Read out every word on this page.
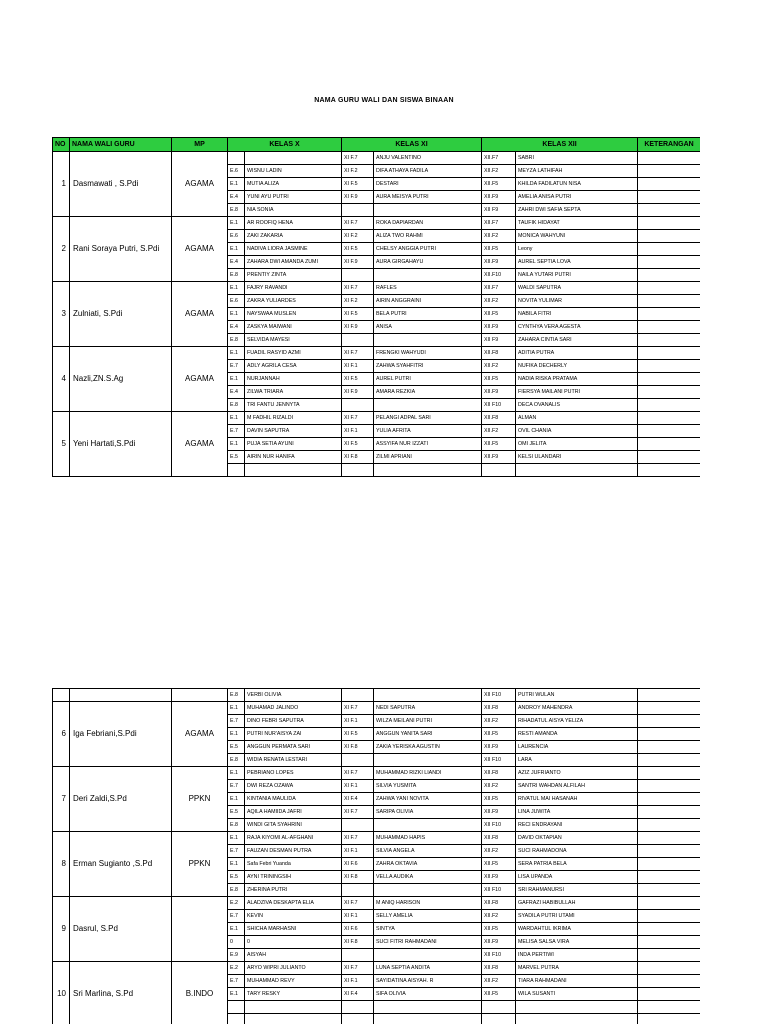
NAMA GURU WALI DAN SISWA BINAAN
NO	NAMA WALI GURU	MP	KELAS X		KELAS XI		KELAS XII		KETERANGAN
1	Dasmawati , S.Pdi	AGAMA			XI F.7	ANJU VALENTINO	XII.F7	SABRI	
			E.6	WISNU LADIN	XI F.2	DIFA ATHAYA FADILA	XII.F2	MEYZA LATHIFAH	
			E.1	MUTIA ALIZA	XI F.5	DESTARI	XII.F5	KHILDA FADILATUN NISA	
			E.4	YUNI AYU PUTRI	XI F.9	AURA MEISYA PUTRI	XII.F9	AMELIA ANISA PUTRI	
			E.8	NIA SONIA			XII F9	ZAHRI DWI SAFIA SEPTA	
2	Rani Soraya Putri, S.Pdi	AGAMA	E.1	AR ROOFIQ HENA	XI F.7	ROKA DAPIARDAN	XII.F7	TAUFIK HIDAYAT	
			E.6	ZAKI ZAKARIA	XI F.2	ALIZA TWO RAHMI	XII.F2	MONICA WAHYUNI	
			E.1	NADIVA LIORA JASMINE	XI F.5	CHELSY ANGGIA PUTRI	XII.F5	Leony	
			E.4	ZAHARA DWI AMANDA ZUMI	XI F.9	AURA GIRGAHAYU	XII.F9	AUREL SEPTIA LOVA	
			E.8	PRENTIY ZINTA			XII.F10	NAILA YUTARI PUTRI	
3	Zulniati, S.Pdi	AGAMA	E.1	FAJRY RAVANDI	XI F.7	RAFLES	XII.F7	WALDI SAPUTRA	
			E.6	ZAKRA YULIARDES	XI F.2	AIRIN ANGGRAINI	XII.F2	NOVITA YULIMAR	
			E.1	NAYSWAA MUSLEN	XI F.5	BELA PUTRI	XII.F5	NABILA FITRI	
			E.4	ZASKYA MAIWANI	XI F.9	ANISA	XII.F9	CYNTHYA VERA AGESTA	
			E.8	SELVIDA MAYESI			XII F9	ZAHARA CINTIA SARI	
4	Nazli,ZN.S.Ag	AGAMA	E.1	FUADIL RASYID AZMI	XI F.7	FRENGKI WAHYUDI	XII.F8	ADITIA PUTRA	
			E.7	ADLY AGRILA CESA	XI F.1	ZAHWA SYAHFITRI	XII.F2	NUFIKA DECHERLY	
			E.1	NURJANNAH	XI F.5	AUREL PUTRI	XII.F5	NADIA RISKA PRATAMA	
			E.4	ZILWA TRIARA	XI F.9	AMARA REZKIA	XII.F9	FIERSYA MAILANI PUTRI	
			E.8	TRI FANTU JENNYTA			XII F10	DECA OVANALIS	
5	Yeni Hartati,S.Pdi	AGAMA	E.1	M FADHIL RIZALDI	XI F.7	PELANGI ADPAL SARI	XII.F8	ALMAN	
			E.7	DAVIN SAPUTRA	XI F.1	YULIA AFRITA	XII.F2	OVIL CHANIA	
			E.1	PUJA SETIA AYUNI	XI F.5	ASSYIFA NUR IZZATI	XII.F5	OMI JELITA	
			E.5	AIRIN NUR HANIFA	XI F.8	ZILMI APRIANI	XII.F9	KELSI ULANDARI	

			E.8	VERBI OLIVIA			XII F10	PUTRI WULAN	
6	Iga Febriani,S.Pdi	AGAMA	E.1	MUHAMAD JALINDO	XI F.7	NEDI SAPUTRA	XII.F8	ANDROY MAHENDRA	
			E.7	DINO FEBRI SAPUTRA	XI F.1	WILZA MEILANI PUTRI	XII.F2	RIHADATUL AISYA YELIZA	
			E.1	PUTRI NUR'AISYA ZAI	XI F.5	ANGGUN YANITA SARI	XII.F5	RESTI AMANDA	
			E.5	ANGGUN PERMATA SARI	XI F.8	ZAKIA YERISKA AGUSTIN	XII.F9	LAURENCIA	
			E.8	WIDIA RENATA LESTARI			XII F10	LARA	
7	Deri Zaldi,S.Pd	PPKN	E.1	PEBRIANO LOPES	XI F.7	MUHAMMAD RIZKI LIANDI	XII.F8	AZIZ JUFRIANTO	
			E.7	DWI REZA OZAWA	XI F.1	SILVIA YUSMITA	XII.F2	SANTRI WAHDAN ALFILAH	
			E.1	KINTANIA MAULIDA	XI F.4	ZAHWA YANI NOVITA	XII.F5	RIVATUL MAI HASANAH	
			E.5	AQILA HAMIIDA JAFRI	XI F.7	SARIPA OLIVIA	XII.F9	LINA JUWITA	
			E.8	WINDI GITA SYAHRINI			XII F10	RECI ENDRAYANI	
8	Erman Sugianto ,S.Pd	PPKN	E.1	RAJA KIYOMI AL-AFGHANI	XI F.7	MUHAMMAD HAPIS	XII.F8	DAVID OKTAPIAN	
			E.7	FAUZAN DESMAN PUTRA	XI F.1	SILVIA ANGELA	XII.F2	SUCI RAHMADONA	
			E.1	Safa Febri Yuanda	XI F.6	ZAHRA OKTAVIA	XII.F5	SERA PATRIA BELA	
			E.5	AYNI TRININGSIH	XI F.8	VELLA AUDIKA	XII.F9	LISA UPANDA	
			E.8	ZHERINA PUTRI			XII F10	SRI RAHMANURSI	
9	Dasrul, S.Pd		E.2	ALADZIVA DESKAPTA ELIA	XI F.7	M ANIQ HARISON	XII.F8	GAFRAZI HABIBULLAH	
			E.7	KEVIN	XI F.1	SELLY AMELIA	XII.F2	SYADILA PUTRI UTAMI	
			E.1	SHICHA MARHASNI	XI F.6	SINTYA	XII.F5	WARDAHTUL IKRIMA	
			0	0	XI F.8	SUCI FITRI RAHMADANI	XII.F9	MELISA SALSA VIRA	
			E.9	AISYAH			XII F10	INDA PERTIWI	
10	Sri Marlina, S.Pd	B.INDO	E.2	ARYO WIPRI JULIANTO	XI F.7	LUNA SEPTIA ANDITA	XII.F8	MARVEL PUTRA	
			E.7	MUHAMMAD REVY	XI F.1	SAYIDATINA AISYAH. R	XII.F2	TIARA RAHMADANI	
			E.1	TARY RESKY	XI F.4	SIFA OLIVIA	XII.F5	WILA SUSANTI	
